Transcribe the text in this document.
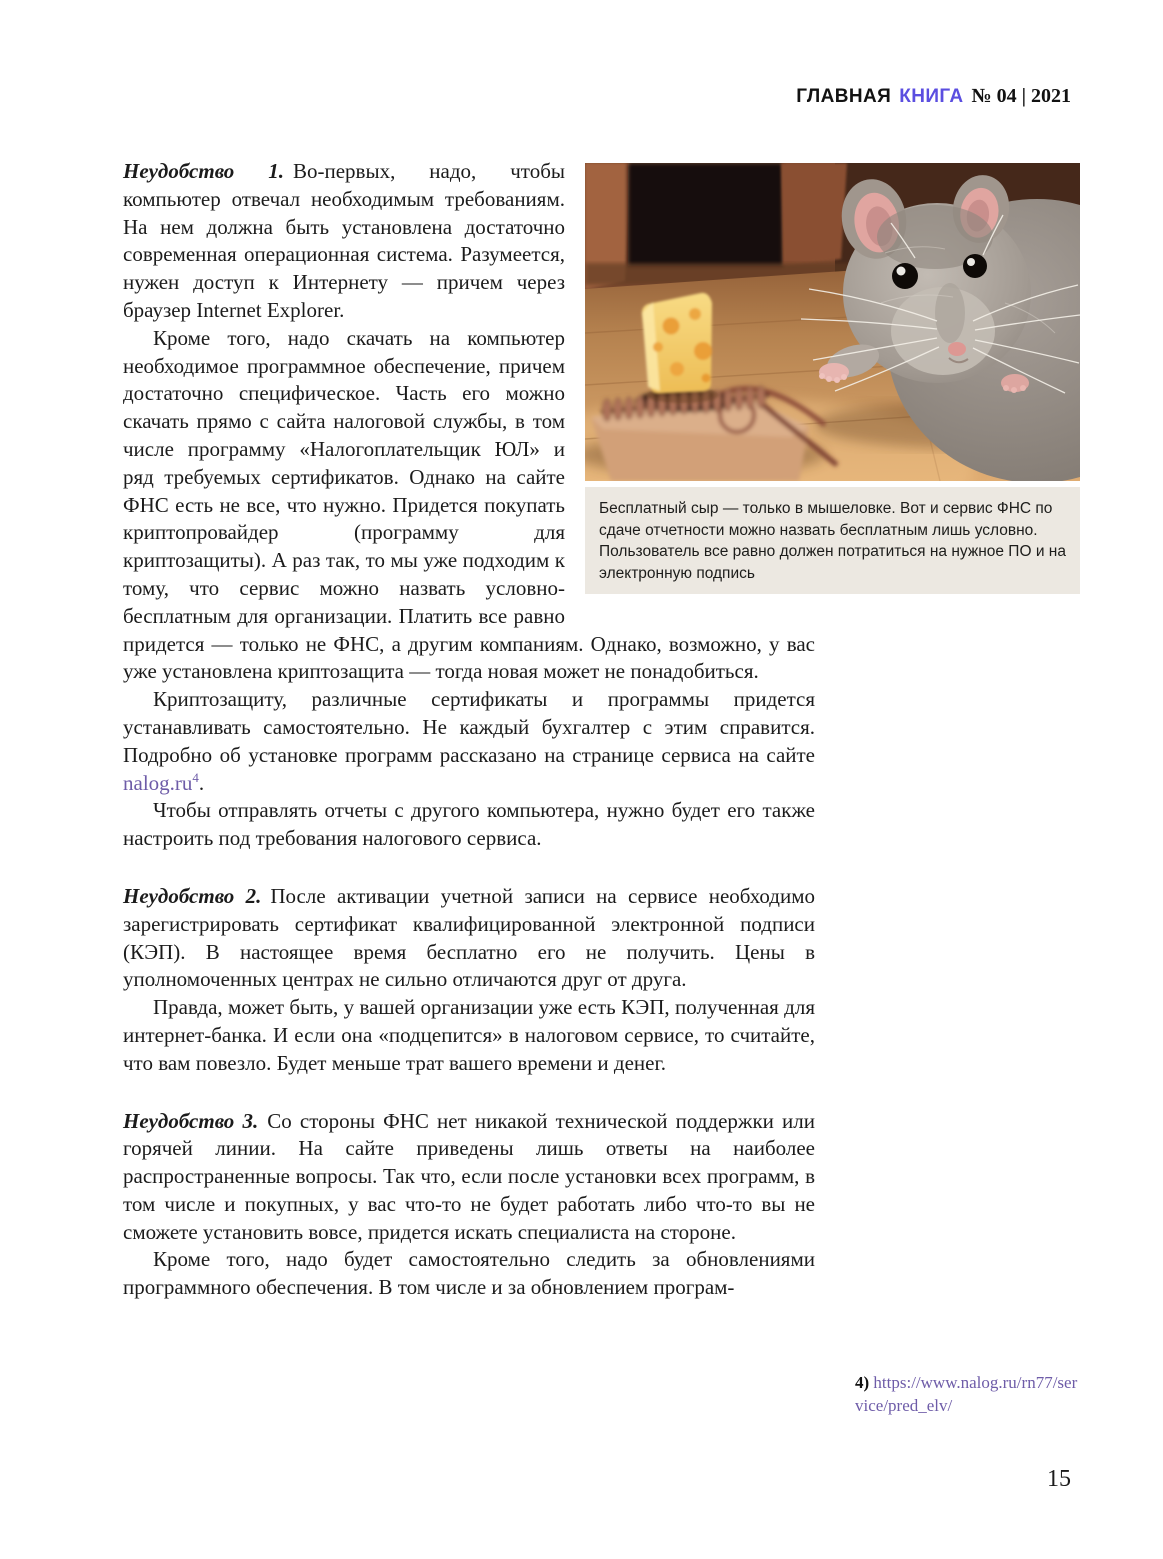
ГЛАВНАЯ КНИГА № 04 | 2021
Бесплатный сыр — только в мышеловке. Вот и сервис ФНС по сдаче отчетности можно назвать бесплатным лишь условно. Пользователь все равно должен потратиться на нужное ПО и на электронную подпись

Неудобство 1. Во-первых, надо, чтобы компьютер отвечал необходимым требованиям. На нем должна быть установлена достаточно современная операционная система. Разумеется, нужен доступ к Интернету — причем через браузер Internet Explorer.

Кроме того, надо скачать на компьютер необходимое программное обеспечение, причем достаточно специфическое. Часть его можно скачать прямо с сайта налоговой службы, в том числе программу «Налогоплательщик ЮЛ» и ряд требуемых сертификатов. Однако на сайте ФНС есть не все, что нужно. Придется покупать криптопровайдер (программу для криптозащиты). А раз так, то мы уже подходим к тому, что сервис можно назвать условно-бесплатным для организации. Платить все равно придется — только не ФНС, а другим компаниям. Однако, возможно, у вас уже установлена криптозащита — тогда новая может не понадобиться.

Криптозащиту, различные сертификаты и программы придется устанавливать самостоятельно. Не каждый бухгалтер с этим справится. Подробно об установке программ рассказано на странице сервиса на сайте nalog.ru$^4$.

Чтобы отправлять отчеты с другого компьютера, нужно будет его также настроить под требования налогового сервиса.

Неудобство 2. После активации учетной записи на сервисе необходимо зарегистрировать сертификат квалифицированной электронной подписи (КЭП). В настоящее время бесплатно его не получить. Цены в уполномоченных центрах не сильно отличаются друг от друга.

Правда, может быть, у вашей организации уже есть КЭП, полученная для интернет-банка. И если она «подцепится» в налоговом сервисе, то считайте, что вам повезло. Будет меньше трат вашего времени и денег.

Неудобство 3. Со стороны ФНС нет никакой технической поддержки или горячей линии. На сайте приведены лишь ответы на наиболее распространенные вопросы. Так что, если после установки всех программ, в том числе и покупных, у вас что-то не будет работать либо что-то вы не сможете установить вовсе, придется искать специалиста на стороне.

Кроме того, надо будет самостоятельно следить за обновлениями программного обеспечения. В том числе и за обновлением програм-

4) https://www.nalog.ru/rn77/service/pred_elv/
15
